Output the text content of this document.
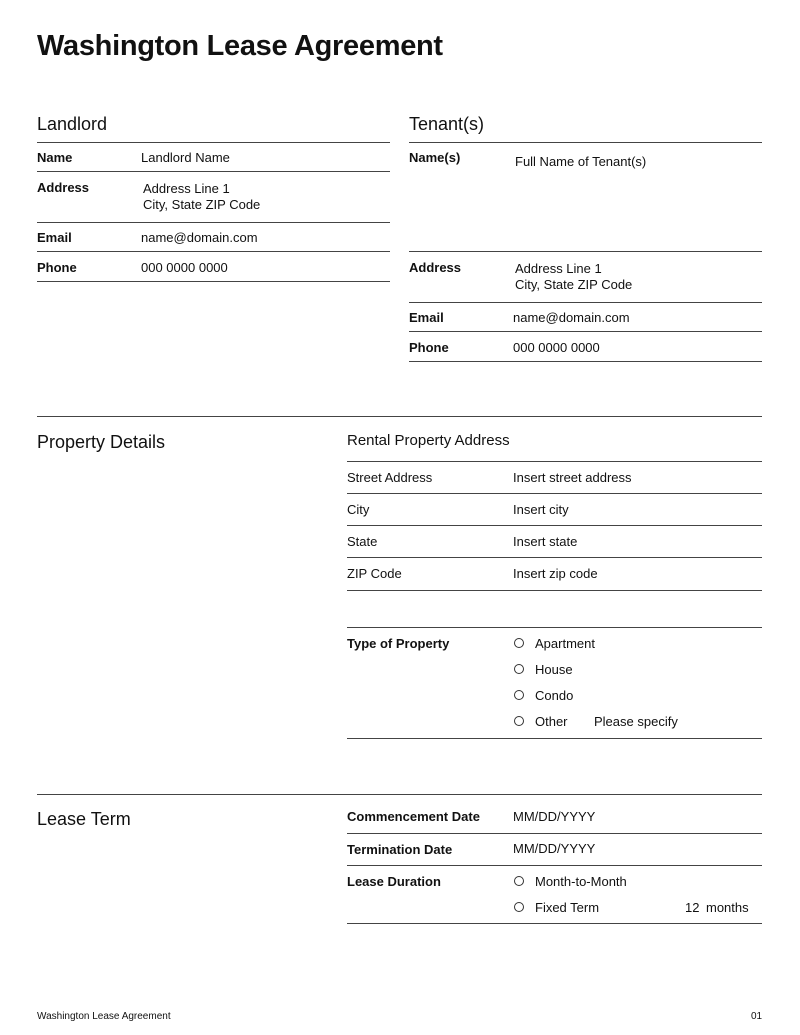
Washington Lease Agreement
Landlord
Name	Landlord Name
Address	Address Line 1
City, State ZIP Code
Email	name@domain.com
Phone	000 0000 0000
Tenant(s)
Name(s)	Full Name of Tenant(s)
Address	Address Line 1
City, State ZIP Code
Email	name@domain.com
Phone	000 0000 0000
Property Details	Rental Property Address
Street Address	Insert street address
City	Insert city
State	Insert state
ZIP Code	Insert zip code
Type of Property	Apartment
House
Condo
Other Please specify
Lease Term	Commencement Date	MM/DD/YYYY
Termination Date	MM/DD/YYYY
Lease Duration	Month-to-Month
Fixed Term	12 months
Washington Lease Agreement	01
